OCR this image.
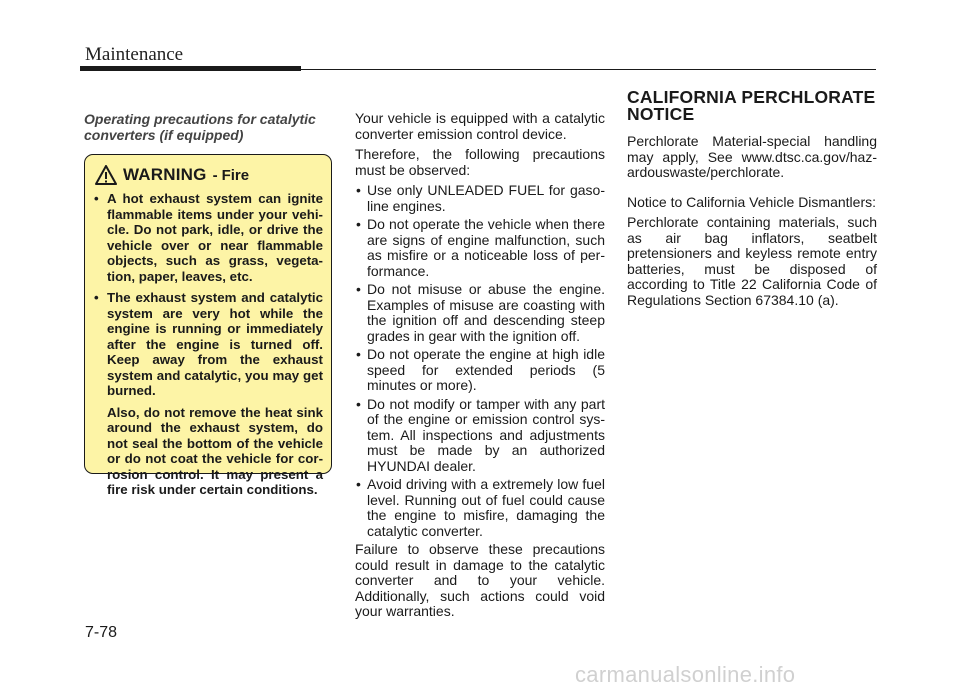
Maintenance

Operating precautions for catalytic converters (if equipped)

WARNING - Fire
• A hot exhaust system can ignite flammable items under your vehi- cle. Do not park, idle, or drive the vehicle over or near flammable objects, such as grass, vegeta- tion, paper, leaves, etc.
• The exhaust system and catalytic system are very hot while the engine is running or immediately after the engine is turned off. Keep away from the exhaust system and catalytic, you may get burned.

Also, do not remove the heat sink around the exhaust system, do not seal the bottom of the vehicle or do not coat the vehicle for cor- rosion control. It may present a fire risk under certain conditions.

Your vehicle is equipped with a catalytic converter emission control device.

Therefore, the following precautions must be observed:

• Use only UNLEADED FUEL for gaso- line engines.
• Do not operate the vehicle when there are signs of engine malfunction, such as misfire or a noticeable loss of per- formance.
• Do not misuse or abuse the engine. Examples of misuse are coasting with the ignition off and descending steep grades in gear with the ignition off.
• Do not operate the engine at high idle speed for extended periods (5 minutes or more).
• Do not modify or tamper with any part of the engine or emission control sys- tem. All inspections and adjustments must be made by an authorized HYUNDAI dealer.
• Avoid driving with a extremely low fuel level. Running out of fuel could cause the engine to misfire, damaging the catalytic converter.

Failure to observe these precautions could result in damage to the catalytic converter and to your vehicle. Additionally, such actions could void your warranties.

CALIFORNIA PERCHLORATE NOTICE

Perchlorate Material-special handling may apply, See www.dtsc.ca.gov/haz- ardouswaste/perchlorate.

Notice to California Vehicle Dismantlers:

Perchlorate containing materials, such as air bag inflators, seatbelt pretensioners and keyless remote entry batteries, must be disposed of according to Title 22 California Code of Regulations Section 67384.10 (a).

7-78

carmanualsonline.info
